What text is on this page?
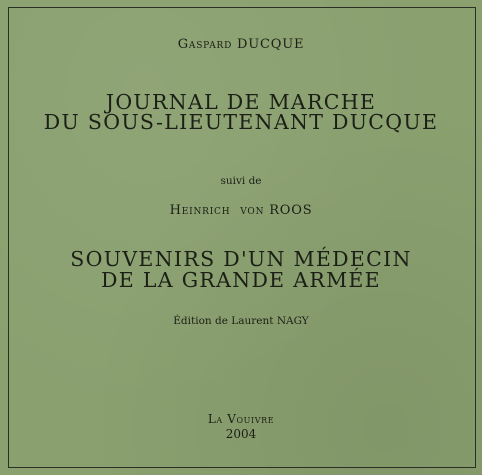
Gaspard DUCQUE
JOURNAL DE MARCHE
DU SOUS-LIEUTENANT DUCQUE
suivi de
Heinrich von ROOS
SOUVENIRS D'UN MÉDECIN
DE LA GRANDE ARMÉE
Édition de Laurent NAGY
La Vouivre
2004
